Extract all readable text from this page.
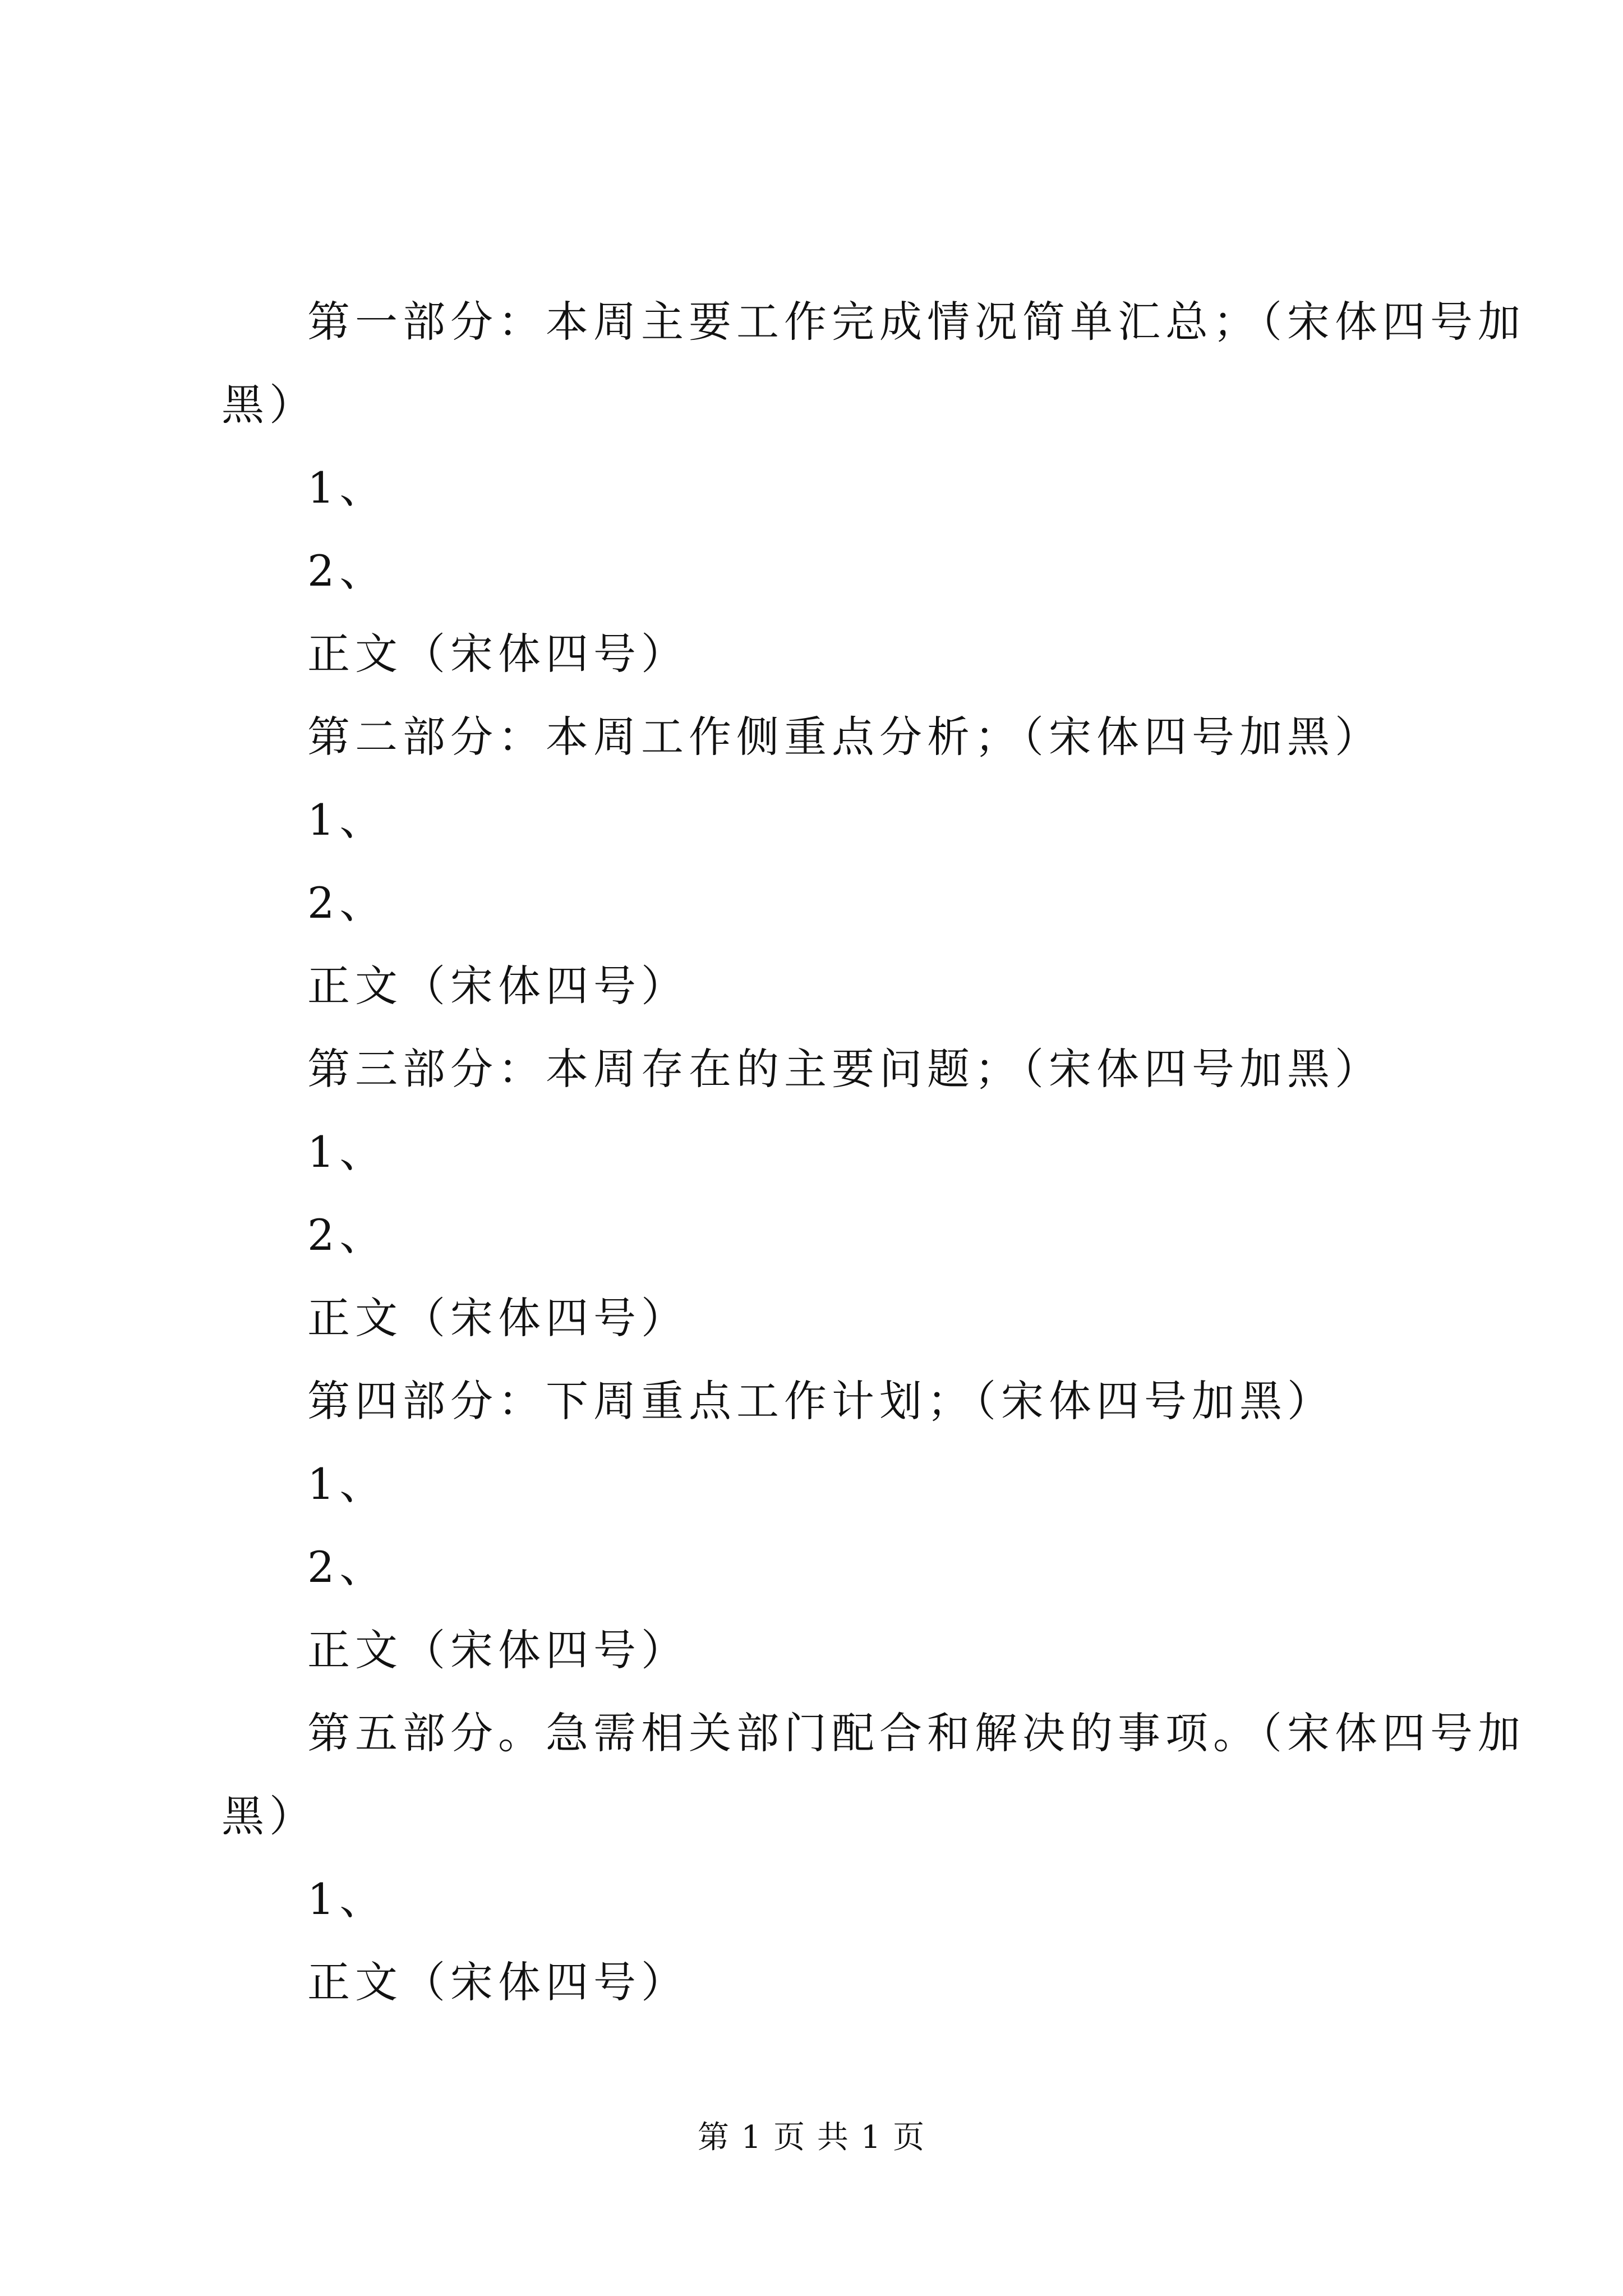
第一部分：本周主要工作完成情况简单汇总；（宋体四号加
黑）
1、
2、
正文（宋体四号）
第二部分：本周工作侧重点分析；（宋体四号加黑）
1、
2、
正文（宋体四号）
第三部分：本周存在的主要问题；（宋体四号加黑）
1、
2、
正文（宋体四号）
第四部分：下周重点工作计划；（宋体四号加黑）
1、
2、
正文（宋体四号）
第五部分。急需相关部门配合和解决的事项。（宋体四号加
黑）
1、
正文（宋体四号）
第 1 页 共 1 页
